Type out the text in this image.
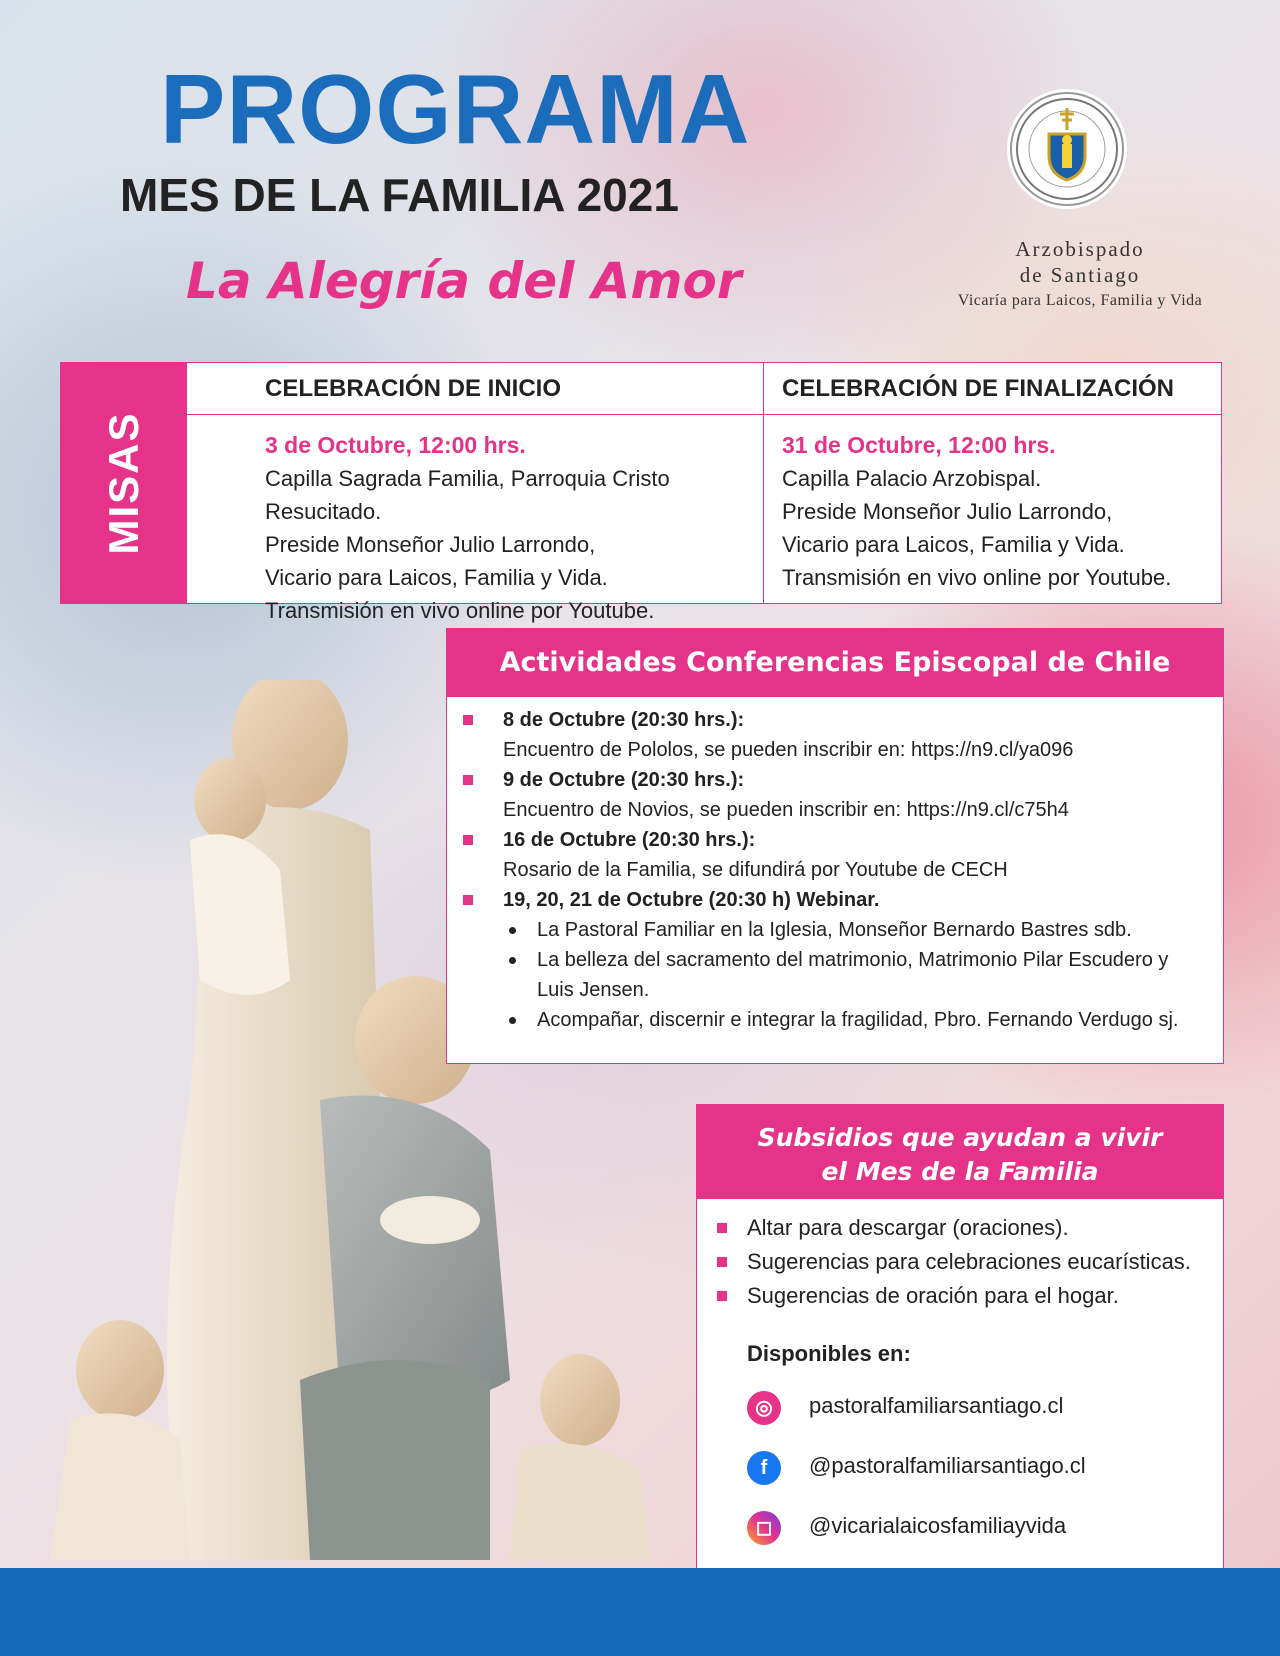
PROGRAMA
MES DE LA FAMILIA 2021
La Alegría del Amor
Arzobispado
de Santiago
Vicaría para Laicos, Familia y Vida
MISAS
CELEBRACIÓN DE INICIO
3 de Octubre, 12:00 hrs.
Capilla Sagrada Familia, Parroquia Cristo Resucitado.
Preside Monseñor Julio Larrondo,
Vicario para Laicos, Familia y Vida.
Transmisión en vivo online por Youtube.
CELEBRACIÓN DE FINALIZACIÓN
31 de Octubre, 12:00 hrs.
Capilla Palacio Arzobispal.
Preside Monseñor Julio Larrondo,
Vicario para Laicos, Familia y Vida.
Transmisión en vivo online por Youtube.
Actividades Conferencias Episcopal de Chile (CECH)
8 de Octubre (20:30 hrs.):
Encuentro de Pololos, se pueden inscribir en: https://n9.cl/ya096
9 de Octubre (20:30 hrs.):
Encuentro de Novios, se pueden inscribir en: https://n9.cl/c75h4
16 de Octubre (20:30 hrs.):
Rosario de la Familia, se difundirá por Youtube de CECH
19, 20, 21 de Octubre (20:30 h) Webinar.
La Pastoral Familiar en la Iglesia, Monseñor Bernardo Bastres sdb.
La belleza del sacramento del matrimonio, Matrimonio Pilar Escudero y Luis Jensen.
Acompañar, discernir e integrar la fragilidad, Pbro. Fernando Verdugo sj.
Subsidios que ayudan a vivir
el Mes de la Familia
Altar para descargar (oraciones).
Sugerencias para celebraciones eucarísticas.
Sugerencias de oración para el hogar.
Disponibles en:
◎	pastoralfamiliarsantiago.cl
f	@pastoralfamiliarsantiago.cl
◻	@vicarialaicosfamiliayvida
